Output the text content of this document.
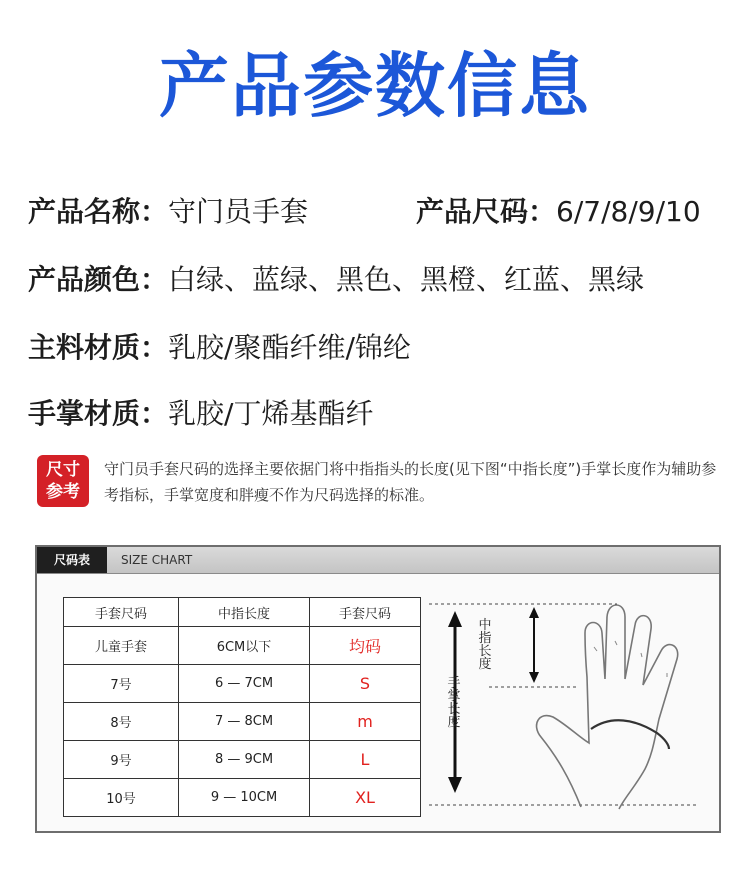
产品参数信息
产品名称：守门员手套	产品尺码：6/7/8/9/10
产品颜色：白绿、蓝绿、黑色、黑橙、红蓝、黑绿
主料材质：乳胶/聚酯纤维/锦纶
手掌材质：乳胶/丁烯基酯纤
尺寸
参考
守门员手套尺码的选择主要依据门将中指指头的长度(见下图“中指长度”)手掌长度作为辅助参考指标，手掌宽度和胖瘦不作为尺码选择的标准。
尺码表	SIZE CHART
手套尺码	中指长度	手套尺码
儿童手套	6CM以下	均码
7号	6 — 7CM	S
8号	7 — 8CM	m
9号	8 — 9CM	L
10号	9 — 10CM	XL
中指长度
手掌长度
